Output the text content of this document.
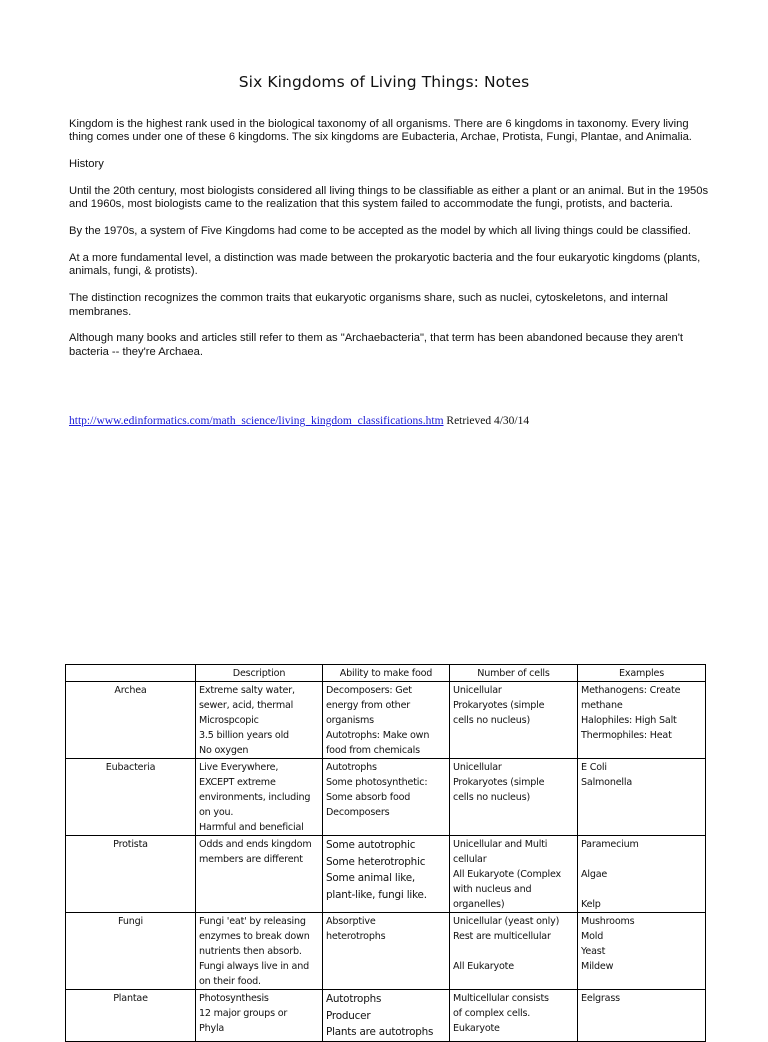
Six Kingdoms of Living Things: Notes

Kingdom is the highest rank used in the biological taxonomy of all organisms. There are 6 kingdoms in taxonomy. Every living thing comes under one of these 6 kingdoms. The six kingdoms are Eubacteria, Archae, Protista, Fungi, Plantae, and Animalia.

History

Until the 20th century, most biologists considered all living things to be classifiable as either a plant or an animal. But in the 1950s and 1960s, most biologists came to the realization that this system failed to accommodate the fungi, protists, and bacteria.

By the 1970s, a system of Five Kingdoms had come to be accepted as the model by which all living things could be classified.

At a more fundamental level, a distinction was made between the prokaryotic bacteria and the four eukaryotic kingdoms (plants, animals, fungi, & protists).

The distinction recognizes the common traits that eukaryotic organisms share, such as nuclei, cytoskeletons, and internal membranes.

Although many books and articles still refer to them as "Archaebacteria", that term has been abandoned because they aren't bacteria -- they're Archaea.

http://www.edinformatics.com/math_science/living_kingdom_classifications.htm Retrieved 4/30/14
	Description	Ability to make food	Number of cells	Examples
Archea	Extreme salty water,
sewer, acid, thermal
Microspcopic
3.5 billion years old
No oxygen	Decomposers: Get
energy from other
organisms
Autotrophs: Make own
food from chemicals	Unicellular
Prokaryotes (simple
cells no nucleus)	Methanogens: Create
methane
Halophiles: High Salt
Thermophiles: Heat

Eubacteria	Live Everywhere,
EXCEPT extreme
environments, including
on you.
Harmful and beneficial	Autotrophs
Some photosynthetic:
Some absorb food
Decomposers	Unicellular
Prokaryotes (simple
cells no nucleus)	E Coli
Salmonella

Protista	Odds and ends kingdom
members are different	Some autotrophic
Some heterotrophic
Some animal like,
plant-like, fungi like.	Unicellular and Multi
cellular
All Eukaryote (Complex
with nucleus and
organelles)	Paramecium
Algae
Kelp

Fungi	Fungi 'eat' by releasing
enzymes to break down
nutrients then absorb.
Fungi always live in and
on their food.	Absorptive
heterotrophs	Unicellular (yeast only)
Rest are multicellular
All Eukaryote	Mushrooms
Mold
Yeast
Mildew

Plantae	Photosynthesis
12 major groups or
Phyla	Autotrophs
Producer
Plants are autotrophs	Multicellular consists
of complex cells.
Eukaryote	Eelgrass
